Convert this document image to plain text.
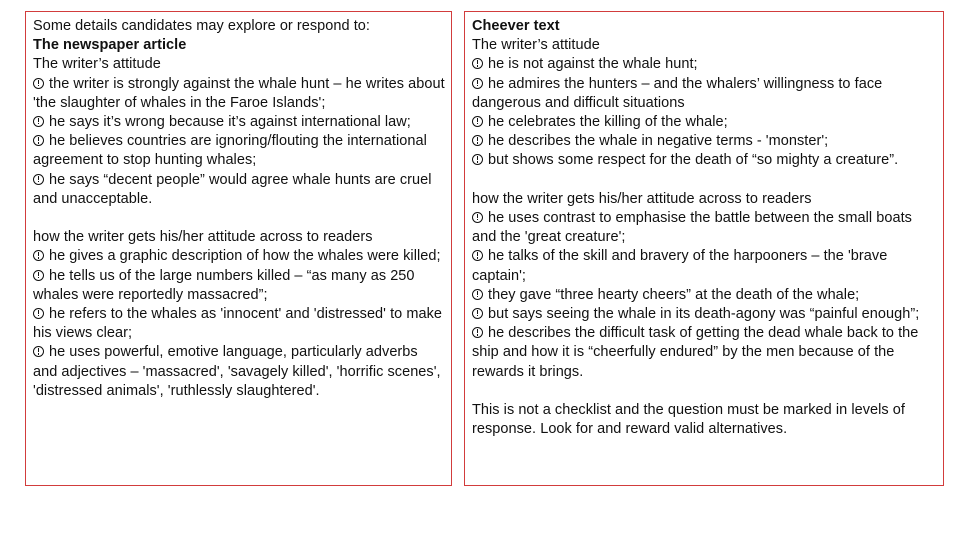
Some details candidates may explore or respond to:

The newspaper article

The writer’s attitude

the writer is strongly against the whale hunt – he writes about 'the slaughter of whales in the Faroe Islands';

he says it’s wrong because it’s against international law;

he believes countries are ignoring/flouting the international agreement to stop hunting whales;

he says “decent people” would agree whale hunts are cruel and unacceptable.

how the writer gets his/her attitude across to readers

he gives a graphic description of how the whales were killed;

he tells us of the large numbers killed – “as many as 250 whales were reportedly massacred”;

he refers to the whales as 'innocent' and 'distressed' to make his views clear;

he uses powerful, emotive language, particularly adverbs and adjectives – 'massacred', 'savagely killed', 'horrific scenes', 'distressed animals', 'ruthlessly slaughtered'.

Cheever text

The writer’s attitude

he is not against the whale hunt;

he admires the hunters – and the whalers’ willingness to face dangerous and difficult situations

he celebrates the killing of the whale;

he describes the whale in negative terms - 'monster';

but shows some respect for the death of “so mighty a creature”.

how the writer gets his/her attitude across to readers

he uses contrast to emphasise the battle between the small boats and the 'great creature';

he talks of the skill and bravery of the harpooners – the 'brave captain';

they gave “three hearty cheers” at the death of the whale;

but says seeing the whale in its death-agony was “painful enough”;

he describes the difficult task of getting the dead whale back to the ship and how it is “cheerfully endured” by the men because of the rewards it brings.

This is not a checklist and the question must be marked in levels of response. Look for and reward valid alternatives.
